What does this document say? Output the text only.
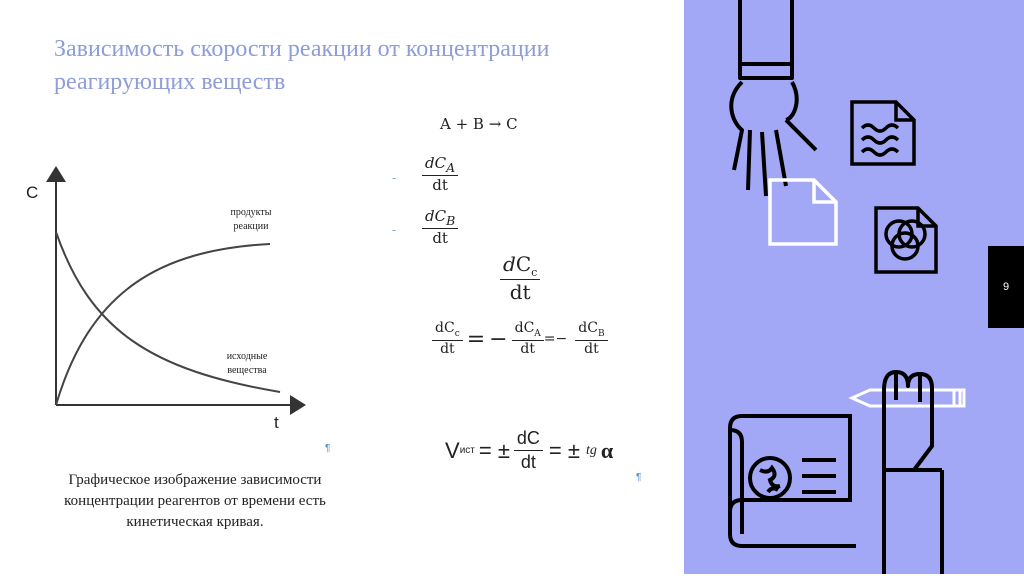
Зависимость скорости реакции от концентрации реагирующих веществ
C
t
продукты реакции
исходные вещества
Графическое изображение зависимости концентрации реагентов от времени есть кинетическая кривая.
A + B → C
- $\frac{dC_A}{dt}$
- $\frac{dC_B}{dt}$
$\frac{dC_c}{dt}$
$\frac{dC_c}{dt}$ = − $\frac{dC_A}{dt}$ = − $\frac{dC_B}{dt}$
¶
¶
V ист = ± $\frac{dC}{dt}$ = ± tg α
9
